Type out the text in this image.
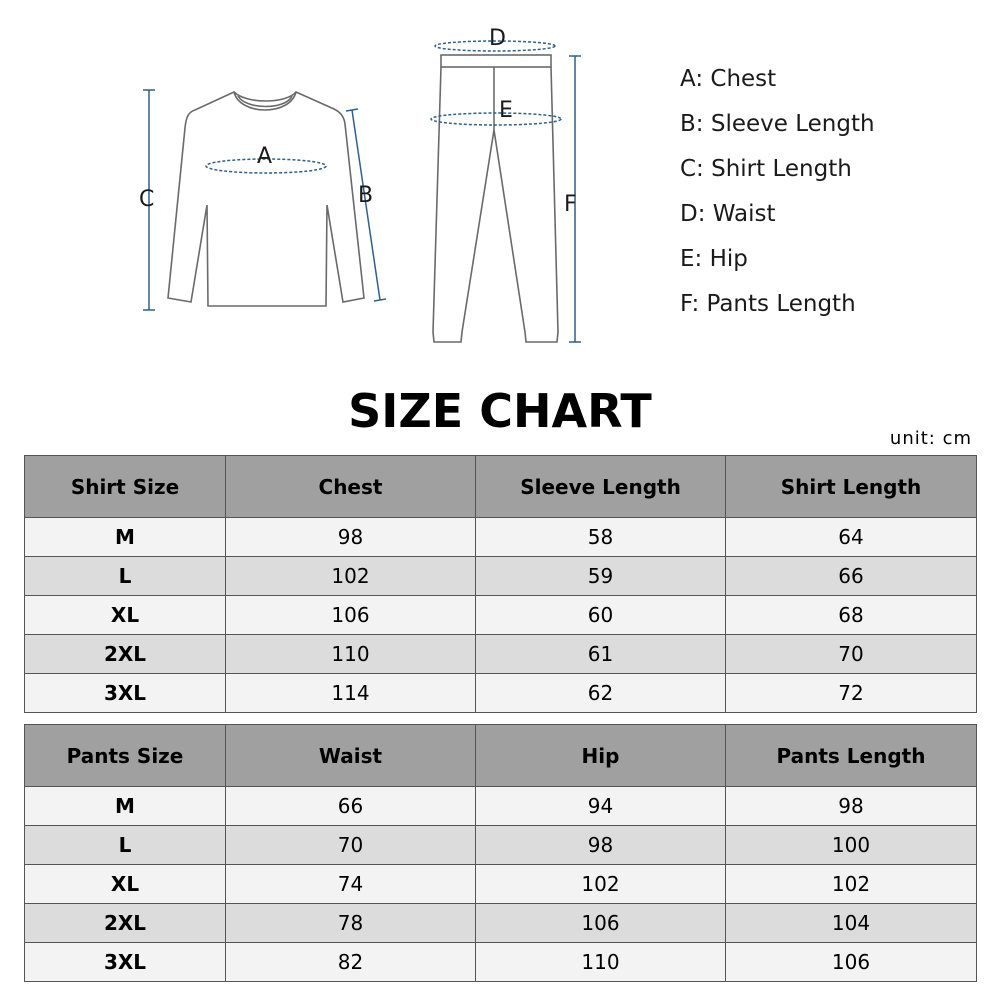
A
C	B
D
E
F
A: Chest
B: Sleeve Length
C: Shirt Length
D: Waist
E: Hip
F: Pants Length
SIZE CHART
unit: cm
Shirt Size	Chest	Sleeve Length	Shirt Length
M	98	58	64
L	102	59	66
XL	106	60	68
2XL	110	61	70
3XL	114	62	72
Pants Size	Waist	Hip	Pants Length
M	66	94	98
L	70	98	100
XL	74	102	102
2XL	78	106	104
3XL	82	110	106
